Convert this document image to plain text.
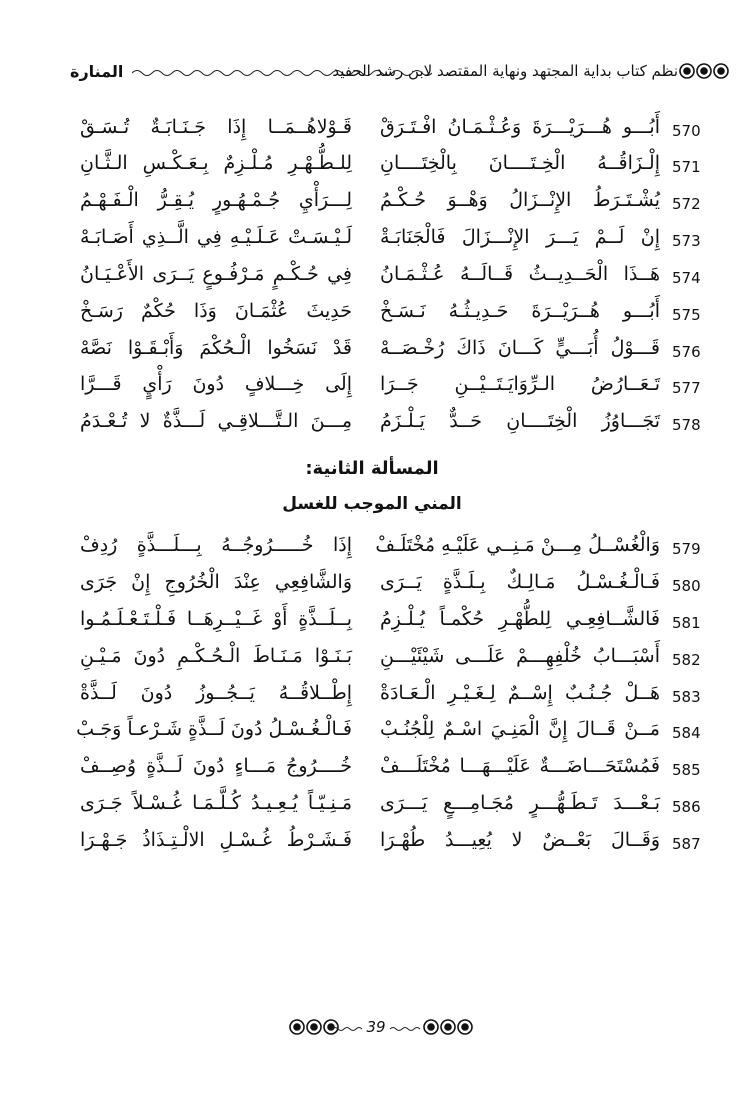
المنارة	نظم كتاب بداية المجتهد ونهاية المقتصد لابن رشد الحفيد
570
أَبُـــو هُـــرَيْـــرَةَ وَعُـثْـمَـانُ افْـتَـرَقْ
قَـوْلاهُــمَــا إِذَا جَـنَـابَـةٌ تُـسَـقْ
571
إِلْـزَاقُــهُ الْخِـتَــــانَ بِالْخِتَــــانِ
لِلـطُّـهْـرِ مُـلْـزِمٌ بِـعَـكْـسِ الـثَّـانِ
572
يُشْـتَـرَطُ الإِنْــزَالُ وَهْــوَ حُـكْـمُ
لِـــرَأْيِ جُـمْـهُـورٍ يُـقِـرُّ الْـفَـهْـمُ
573
إِنْ لَــمْ يَـــرَ الإِنْـــزَالَ فَالْجَنَابَـةْ
لَـيْـسَـتْ عَـلَـيْـهِ فِي الَّــذِي أَصَـابَـهْ
574
هَــذَا الْحَــدِيــثُ قَــالَــهُ عُـثْـمَـانُ
فِي حُـكْـمٍ مَـرْفُـوعٍ يَــرَى الأَعْـيَـانُ
575
أَبُـــو هُــرَيْــرَةَ حَـدِيـثُـهُ نَـسَـخْ
حَدِيثَ عُثْمَـانَ وَذَا حُكْمٌ رَسَـخْ
576
قَـــوْلُ أُبَـــيٍّ كَـــانَ ذَاكَ رُخْـصَــهْ
قَدْ نَسَخُوا الْـحُكْمَ وَأَبْـقَـوْا نَصَّهْ
577
تَـعَــارُضُ الـرِّوَايَـتَــيْــنِ جَــرَا
إِلَى خِـــلافٍ دُونَ رَأْيٍ قَـــرَّا
578
تَجَـــاوُزُ الْخِتَــــانِ حَــدٌّ يَـلْـزَمُ
مِـــنَ الـتَّـــلاقِـي لَـــذَّةٌ لا تُـعْـدَمُ
المسألة الثانية:
المني الموجب للغسل
579
وَالْغُسْــلُ مِـــنْ مَـنِــي عَلَيْـهِ مُخْتَلَـفْ
إِذَا خُـــــرُوجُــهُ بِـــلَـــذَّةٍ رُدِفْ
580
فَـالْـغُـسْـلُ مَـالِـكٌ بِـلَـذَّةٍ يَــرَى
وَالشَّافِعِي عِنْدَ الْخُرُوجِ إِنْ جَرَى
581
فَالشَّــافِعِـي لِلطُّهْـرِ حُكْمـاً يُـلْـزِمُ
بِــلَــذَّةٍ أَوْ غَــيْــرِهَــا فَـلْـتَـعْـلَـمُـوا
582
أَسْبَـــابُ خُلْفِهِـــمْ عَلَـــى شَيْئَيْـــنِ
بَـنَـوْا مَـنَـاطَ الْـحُـكْـمِ دُونَ مَـيْـنِ
583
هَــلْ جُـنُـبٌ إِسْــمٌ لِـغَـيْـرِ الْـعَـادَةْ
إِطْــلاقُــهُ يَــجُــوزُ دُونَ لَــذَّةْ
584
مَــنْ قَــالَ إِنَّ الْمَنِـيَ اسْـمٌ لِلْجُنُـبْ
فَـالْـغُـسْـلُ دُونَ لَــذَّةٍ شَـرْعـاً وَجَـبْ
585
فَمُسْتَحَـــاضَـــةٌ عَلَيْـــهَـــا مُخْتَلَـــفْ
خُــــرُوجُ مَـــاءٍ دُونَ لَــذَّةٍ وُصِــفْ
586
بَـعْـــدَ تَـطَـهُّـــرٍ مُجَـامِـــعٍ يَـــرَى
مَـنِـيّـاً يُـعِـيـدُ كُـلَّـمَـا غُـسْـلاً جَـرَى
587
وَقَــالَ بَعْــضٌ لا يُعِيـــدُ طُهْـرَا
فَـشَـرْطُ غُـسْـلِ الالْـتِـذَاذُ جَـهْـرَا
39
